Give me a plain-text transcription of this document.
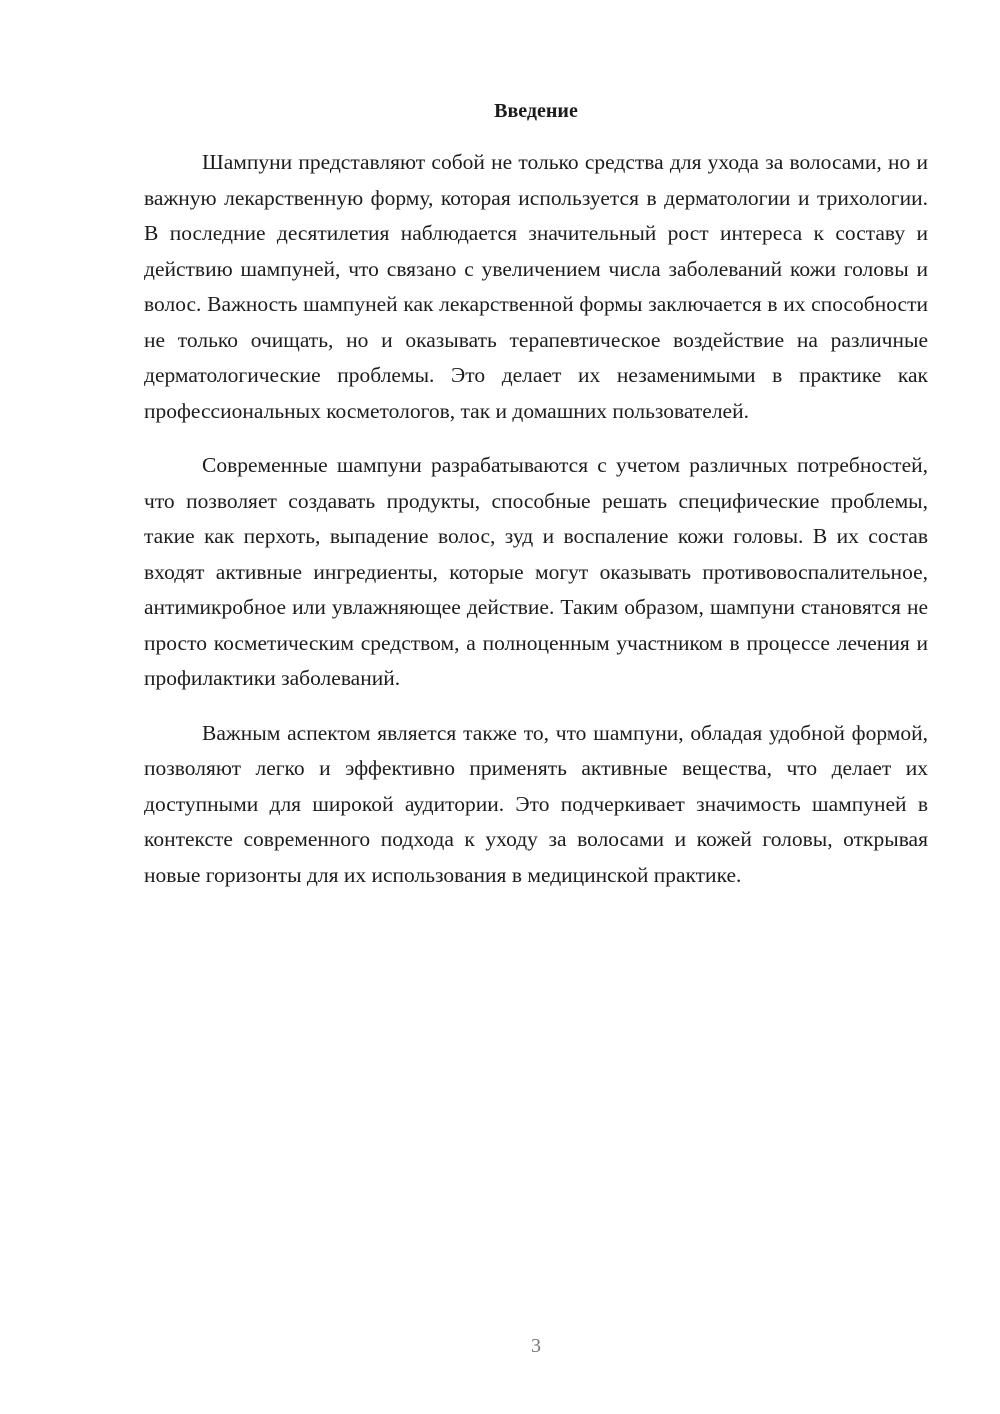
Введение

Шампуни представляют собой не только средства для ухода за волосами, но и важную лекарственную форму, которая используется в дерматологии и трихологии. В последние десятилетия наблюдается значительный рост интереса к составу и действию шампуней, что связано с увеличением числа заболеваний кожи головы и волос. Важность шампуней как лекарственной формы заключается в их способности не только очищать, но и оказывать терапевтическое воздействие на различные дерматологические проблемы. Это делает их незаменимыми в практике как профессиональных косметологов, так и домашних пользователей.

Современные шампуни разрабатываются с учетом различных потребностей, что позволяет создавать продукты, способные решать специфические проблемы, такие как перхоть, выпадение волос, зуд и воспаление кожи головы. В их состав входят активные ингредиенты, которые могут оказывать противовоспалительное, антимикробное или увлажняющее действие. Таким образом, шампуни становятся не просто косметическим средством, а полноценным участником в процессе лечения и профилактики заболеваний.

Важным аспектом является также то, что шампуни, обладая удобной формой, позволяют легко и эффективно применять активные вещества, что делает их доступными для широкой аудитории. Это подчеркивает значимость шампуней в контексте современного подхода к уходу за волосами и кожей головы, открывая новые горизонты для их использования в медицинской практике.

3
